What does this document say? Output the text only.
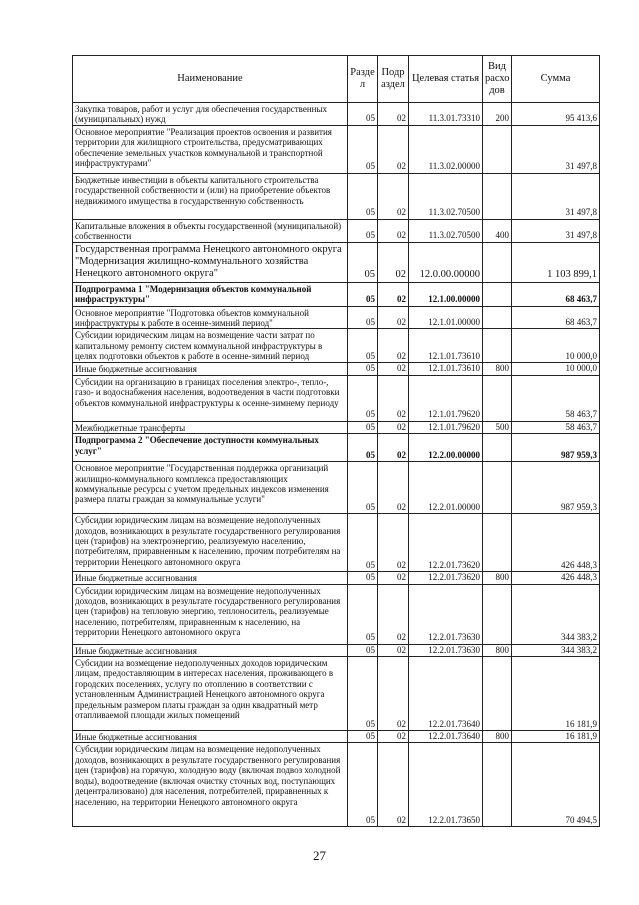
Наименование	Разде л	Подр аздел	Целевая статья	Вид расхо дов	Сумма
Закупка товаров, работ и услуг для обеспечения государственных (муниципальных) нужд	05	02	11.3.01.73310	200	95 413,6
Основное мероприятие "Реализация проектов освоения и развития территории для жилищного строительства, предусматривающих обеспечение земельных участков коммунальной и транспортной инфраструктурами"	05	02	11.3.02.00000		31 497,8
Бюджетные инвестиции в объекты капитального строительства государственной собственности и (или) на приобретение объектов недвижимого имущества в государственную собственность	05	02	11.3.02.70500		31 497,8
Капитальные вложения в объекты государственной (муниципальной) собственности	05	02	11.3.02.70500	400	31 497,8
Государственная программа Ненецкого автономного округа "Модернизация жилищно-коммунального хозяйства Ненецкого автономного округа"	05	02	12.0.00.00000		1 103 899,1
Подпрограмма 1 "Модернизация объектов коммунальной инфраструктуры"	05	02	12.1.00.00000		68 463,7
Основное мероприятие "Подготовка объектов коммунальной инфраструктуры к работе в осенне-зимний период"	05	02	12.1.01.00000		68 463,7
Субсидии юридическим лицам на возмещение части затрат по капитальному ремонту систем коммунальной инфраструктуры в целях подготовки объектов к работе в осенне-зимний период	05	02	12.1.01.73610		10 000,0
Иные бюджетные ассигнования	05	02	12.1.01.73610	800	10 000,0
Субсидии на организацию в границах поселения электро-, тепло-, газо- и водоснабжения населения, водоотведения в части подготовки объектов коммунальной инфраструктуры к осенне-зимнему периоду	05	02	12.1.01.79620		58 463,7
Межбюджетные трансферты	05	02	12.1.01.79620	500	58 463,7
Подпрограмма 2 "Обеспечение доступности коммунальных услуг"	05	02	12.2.00.00000		987 959,3
Основное мероприятие "Государственная поддержка организаций жилищно-коммунального комплекса предоставляющих коммунальные ресурсы с учетом предельных индексов изменения размера платы граждан за коммунальные услуги"	05	02	12.2.01.00000		987 959,3
Субсидии юридическим лицам на возмещение недополученных доходов, возникающих в результате государственного регулирования цен (тарифов) на электроэнергию, реализуемую населению, потребителям, приравненным к населению, прочим потребителям на территории Ненецкого автономного округа	05	02	12.2.01.73620		426 448,3
Иные бюджетные ассигнования	05	02	12.2.01.73620	800	426 448,3
Субсидии юридическим лицам на возмещение недополученных доходов, возникающих в результате государственного регулирования цен (тарифов) на тепловую энергию, теплоноситель, реализуемые населению, потребителям, приравненным к населению, на территории Ненецкого автономного округа	05	02	12.2.01.73630		344 383,2
Иные бюджетные ассигнования	05	02	12.2.01.73630	800	344 383,2
Субсидии на возмещение недополученных доходов юридическим лицам, предоставляющим в интересах населения, проживающего в городских поселениях, услугу по отоплению в соответствии с установленным Администрацией Ненецкого автономного округа предельным размером платы граждан за один квадратный метр отапливаемой площади жилых помещений	05	02	12.2.01.73640		16 181,9
Иные бюджетные ассигнования	05	02	12.2.01.73640	800	16 181,9
Субсидии юридическим лицам на возмещение недополученных доходов, возникающих в результате государственного регулирования цен (тарифов) на горячую, холодную воду (включая подвоз холодной воды), водоотведение (включая очистку сточных вод, поступающих децентрализовано) для населения, потребителей, приравненных к населению, на территории Ненецкого автономного округа	05	02	12.2.01.73650		70 494,5
27
